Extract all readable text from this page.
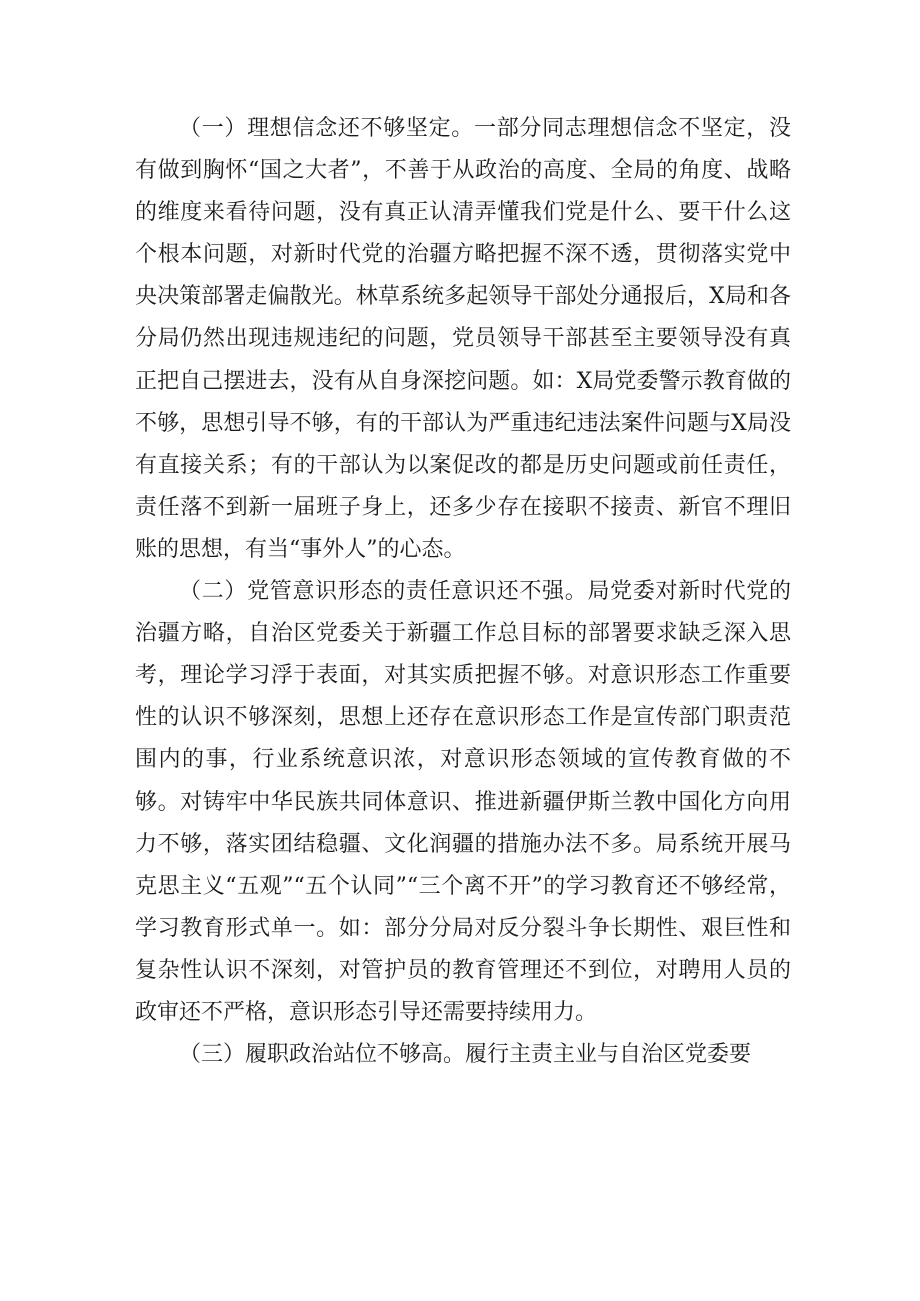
（一）理想信念还不够坚定。一部分同志理想信念不坚定，没有做到胸怀“国之大者”，不善于从政治的高度、全局的角度、战略的维度来看待问题，没有真正认清弄懂我们党是什么、要干什么这个根本问题，对新时代党的治疆方略把握不深不透，贯彻落实党中央决策部署走偏散光。林草系统多起领导干部处分通报后，X局和各分局仍然出现违规违纪的问题，党员领导干部甚至主要领导没有真正把自己摆进去，没有从自身深挖问题。如：X局党委警示教育做的不够，思想引导不够，有的干部认为严重违纪违法案件问题与X局没有直接关系；有的干部认为以案促改的都是历史问题或前任责任，责任落不到新一届班子身上，还多少存在接职不接责、新官不理旧账的思想，有当“事外人”的心态。

（二）党管意识形态的责任意识还不强。局党委对新时代党的治疆方略，自治区党委关于新疆工作总目标的部署要求缺乏深入思考，理论学习浮于表面，对其实质把握不够。对意识形态工作重要性的认识不够深刻，思想上还存在意识形态工作是宣传部门职责范围内的事，行业系统意识浓，对意识形态领域的宣传教育做的不够。对铸牢中华民族共同体意识、推进新疆伊斯兰教中国化方向用力不够，落实团结稳疆、文化润疆的措施办法不多。局系统开展马克思主义“五观”“五个认同”“三个离不开”的学习教育还不够经常，学习教育形式单一。如：部分分局对反分裂斗争长期性、艰巨性和复杂性认识不深刻，对管护员的教育管理还不到位，对聘用人员的政审还不严格，意识形态引导还需要持续用力。

（三）履职政治站位不够高。履行主责主业与自治区党委要
